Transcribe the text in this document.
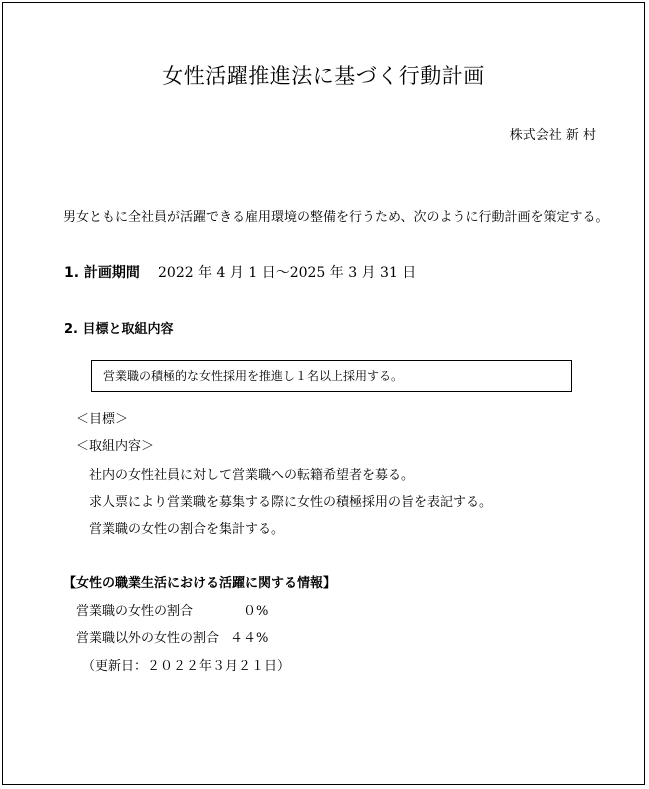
女性活躍推進法に基づく行動計画
株式会社 新 村
男女ともに全社員が活躍できる雇用環境の整備を行うため、次のように行動計画を策定する。
1. 計画期間 2022 年 4 月 1 日～2025 年 3 月 31 日
2. 目標と取組内容
営業職の積極的な女性採用を推進し１名以上採用する。
＜目標＞
＜取組内容＞
社内の女性社員に対して営業職への転籍希望者を募る。
求人票により営業職を募集する際に女性の積極採用の旨を表記する。
営業職の女性の割合を集計する。
【女性の職業生活における活躍に関する情報】
営業職の女性の割合	０%
営業職以外の女性の割合 ４４%
（更新日：２０２２年３月２１日）
